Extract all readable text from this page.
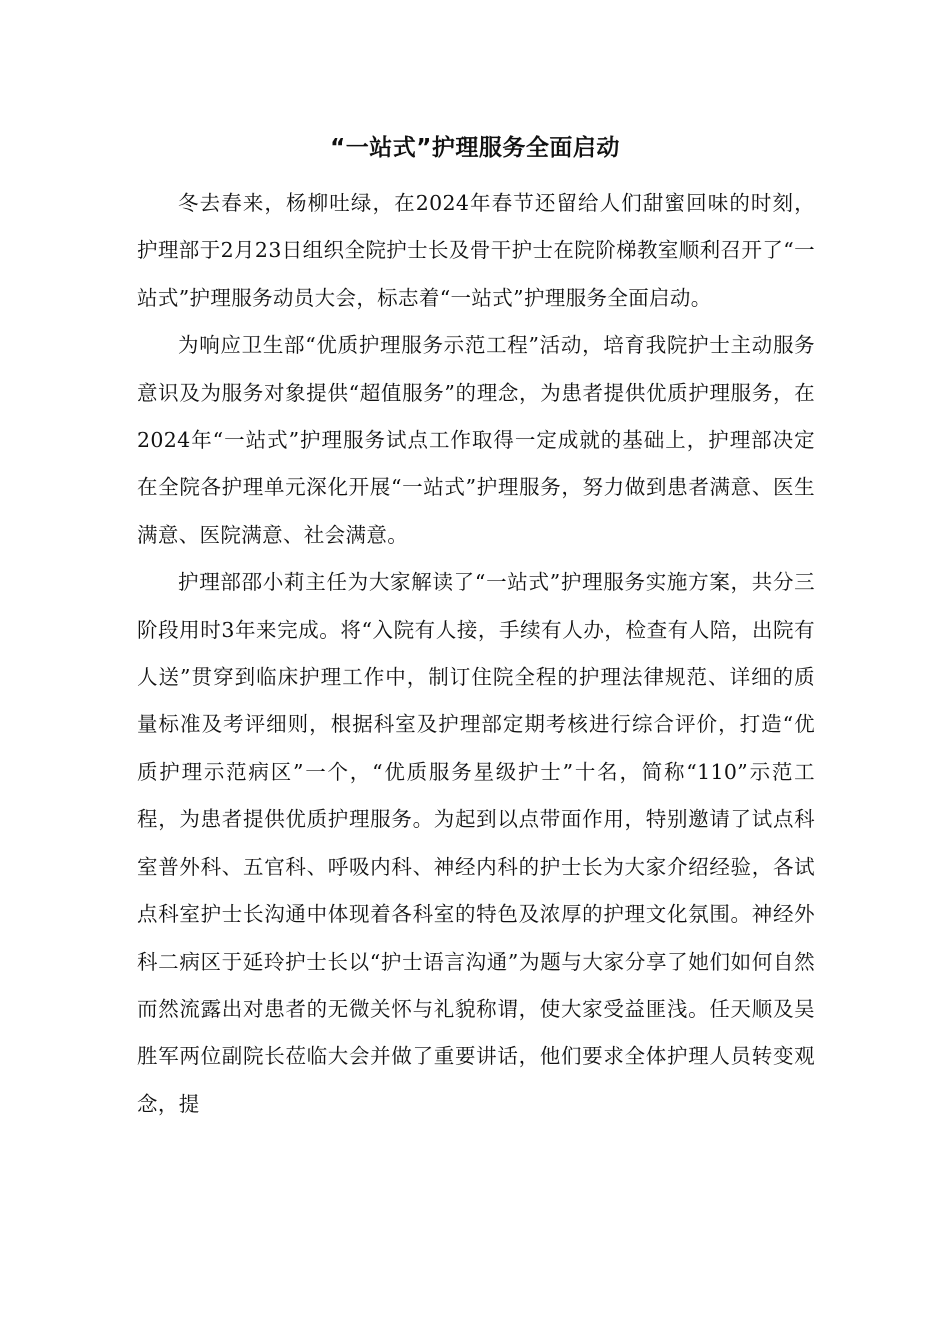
“一站式”护理服务全面启动

冬去春来，杨柳吐绿，在2024年春节还留给人们甜蜜回味的时刻，护理部于2月23日组织全院护士长及骨干护士在院阶梯教室顺利召开了“一站式”护理服务动员大会，标志着“一站式”护理服务全面启动。

为响应卫生部“优质护理服务示范工程”活动，培育我院护士主动服务意识及为服务对象提供“超值服务”的理念，为患者提供优质护理服务，在2024年“一站式”护理服务试点工作取得一定成就的基础上，护理部决定在全院各护理单元深化开展“一站式”护理服务，努力做到患者满意、医生满意、医院满意、社会满意。

护理部邵小莉主任为大家解读了“一站式”护理服务实施方案，共分三阶段用时3年来完成。将“入院有人接，手续有人办，检查有人陪，出院有人送”贯穿到临床护理工作中，制订住院全程的护理法律规范、详细的质量标准及考评细则，根据科室及护理部定期考核进行综合评价，打造“优质护理示范病区”一个，“优质服务星级护士”十名，简称“110”示范工程，为患者提供优质护理服务。为起到以点带面作用，特别邀请了试点科室普外科、五官科、呼吸内科、神经内科的护士长为大家介绍经验，各试点科室护士长沟通中体现着各科室的特色及浓厚的护理文化氛围。神经外科二病区于延玲护士长以“护士语言沟通”为题与大家分享了她们如何自然而然流露出对患者的无微关怀与礼貌称谓，使大家受益匪浅。任天顺及吴胜军两位副院长莅临大会并做了重要讲话，他们要求全体护理人员转变观念，提
